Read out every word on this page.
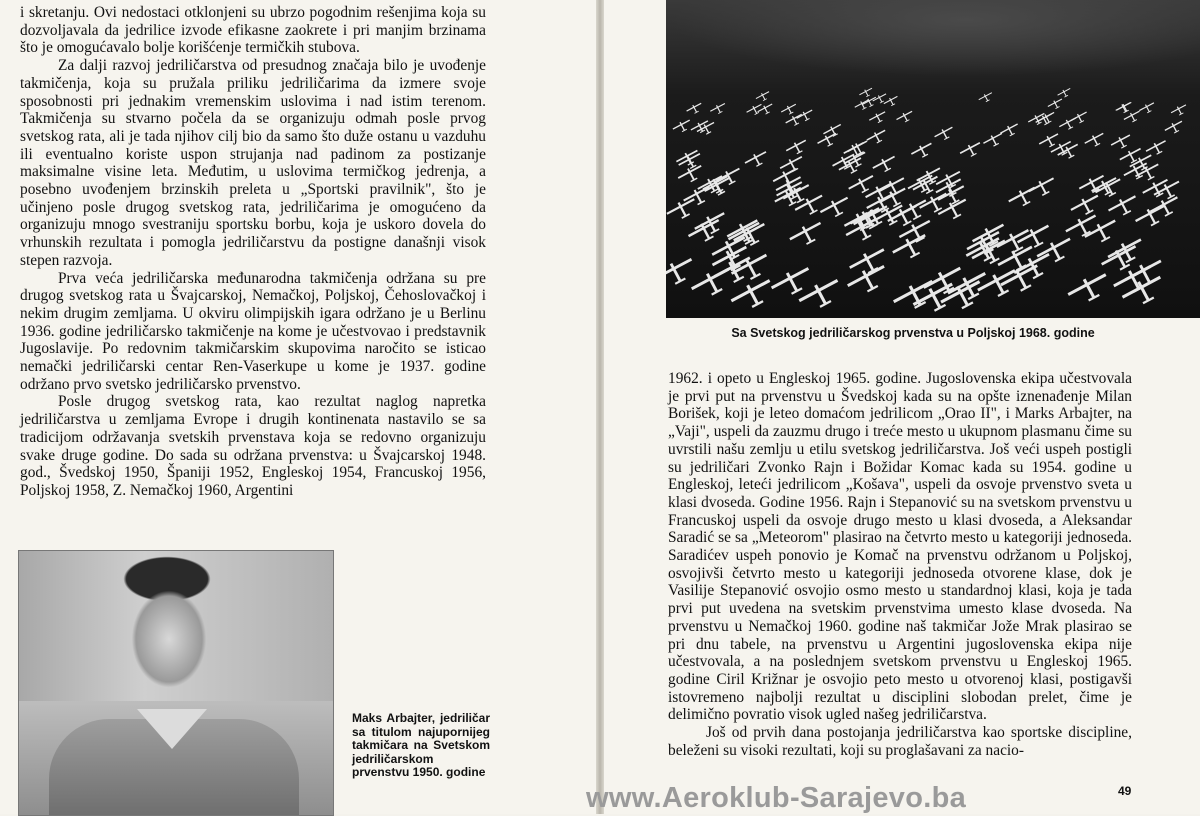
i skretanju. Ovi nedostaci otklonjeni su ubrzo pogodnim rešenjima koja su dozvoljavala da jedrilice izvode efikasne zaokrete i pri manjim brzinama što je omogućavalo bolje korišćenje termičkih stubova.

Za dalji razvoj jedriličarstva od presudnog značaja bilo je uvođenje takmičenja, koja su pružala priliku jedriličarima da izmere svoje sposobnosti pri jednakim vremenskim uslovima i nad istim terenom. Takmičenja su stvarno počela da se organizuju odmah posle prvog svetskog rata, ali je tada njihov cilj bio da samo što duže ostanu u vazduhu ili eventualno koriste uspon strujanja nad padinom za postizanje maksimalne visine leta. Međutim, u uslovima termičkog jedrenja, a posebno uvođenjem brzinskih preleta u „Sportski pravilnik", što je učinjeno posle drugog svetskog rata, jedriličarima je omogućeno da organizuju mnogo svestraniju sportsku borbu, koja je uskoro dovela do vrhunskih rezultata i pomogla jedriličarstvu da postigne današnji visok stepen razvoja.

Prva veća jedriličarska međunarodna takmičenja održana su pre drugog svetskog rata u Švajcarskoj, Nemačkoj, Poljskoj, Čehoslovačkoj i nekim drugim zemljama. U okviru olimpijskih igara održano je u Berlinu 1936. godine jedriličarsko takmičenje na kome je učestvovao i predstavnik Jugoslavije. Po redovnim takmičarskim skupovima naročito se isticao nemački jedriličarski centar Ren-Vaserkupe u kome je 1937. godine održano prvo svetsko jedriličarsko prvenstvo.

Posle drugog svetskog rata, kao rezultat naglog napretka jedriličarstva u zemljama Evrope i drugih kontinenata nastavilo se sa tradicijom održavanja svetskih prvenstava koja se redovno organizuju svake druge godine. Do sada su održana prvenstva: u Švajcarskoj 1948. god., Švedskoj 1950, Španiji 1952, Engleskoj 1954, Francuskoj 1956, Poljskoj 1958, Z. Nemačkoj 1960, Argentini

Maks Arbajter, jedriličar sa titulom najupornijeg takmičara na Svetskom jedriličarskom prvenstvu 1950. godine
Sa Svetskog jedriličarskog prvenstva u Poljskoj 1968. godine

1962. i opeto u Engleskoj 1965. godine. Jugoslovenska ekipa učestvovala je prvi put na prvenstvu u Švedskoj kada su na opšte iznenađenje Milan Borišek, koji je leteo domaćom jedrilicom „Orao II", i Marks Arbajter, na „Vaji", uspeli da zauzmu drugo i treće mesto u ukupnom plasmanu čime su uvrstili našu zemlju u etilu svetskog jedriličarstva. Još veći uspeh postigli su jedriličari Zvonko Rajn i Božidar Komac kada su 1954. godine u Engleskoj, leteći jedrilicom „Košava", uspeli da osvoje prvenstvo sveta u klasi dvoseda. Godine 1956. Rajn i Stepanović su na svetskom prvenstvu u Francuskoj uspeli da osvoje drugo mesto u klasi dvoseda, a Aleksandar Saradić se sa „Meteorom" plasirao na četvrto mesto u kategoriji jednoseda. Saradićev uspeh ponovio je Komač na prvenstvu održanom u Poljskoj, osvojivši četvrto mesto u kategoriji jednoseda otvorene klase, dok je Vasilije Stepanović osvojio osmo mesto u standardnoj klasi, koja je tada prvi put uvedena na svetskim prvenstvima umesto klase dvoseda. Na prvenstvu u Nemačkoj 1960. godine naš takmičar Jože Mrak plasirao se pri dnu tabele, na prvenstvu u Argentini jugoslovenska ekipa nije učestvovala, a na poslednjem svetskom prvenstvu u Engleskoj 1965. godine Ciril Križnar je osvojio peto mesto u otvorenoj klasi, postigavši istovremeno najbolji rezultat u disciplini slobodan prelet, čime je delimično povratio visok ugled našeg jedriličarstva.

Još od prvih dana postojanja jedriličarstva kao sportske discipline, beleženi su visoki rezultati, koji su proglašavani za nacio-

49
www.Aeroklub-Sarajevo.ba
